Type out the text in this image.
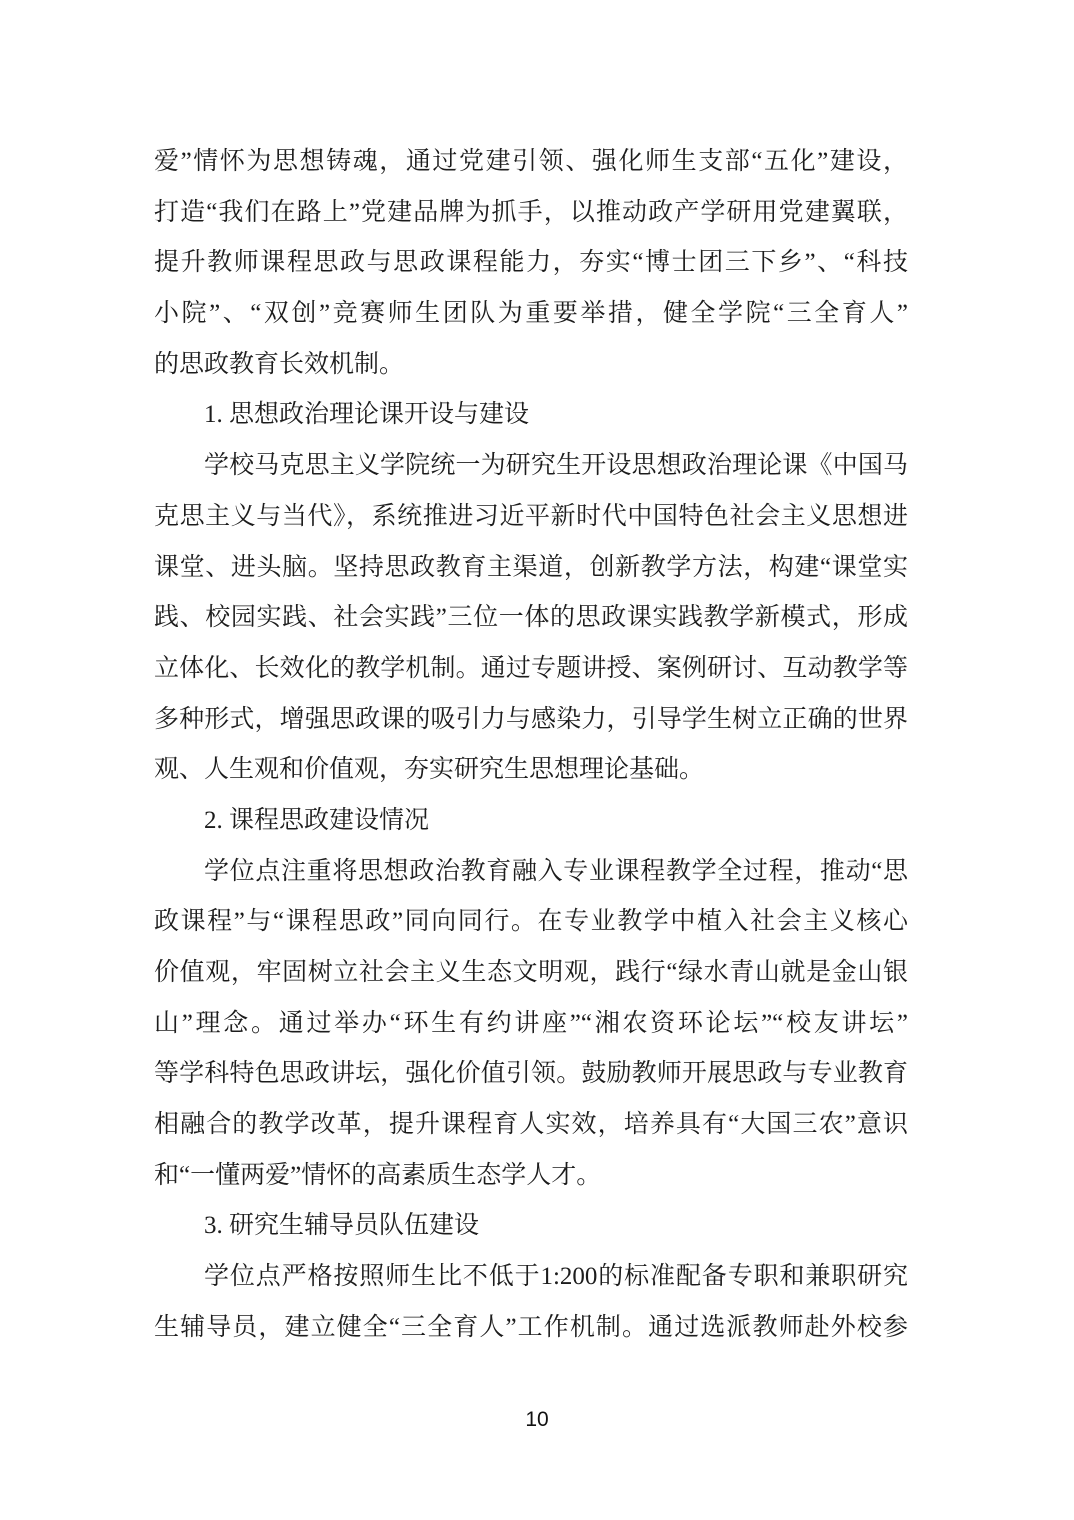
爱”情怀为思想铸魂，通过党建引领、强化师生支部“五化”建设，
打造“我们在路上”党建品牌为抓手，以推动政产学研用党建翼联，
提升教师课程思政与思政课程能力，夯实“博士团三下乡”、“科技
小院”、“双创”竞赛师生团队为重要举措，健全学院“三全育人”
的思政教育长效机制。
1. 思想政治理论课开设与建设
学校马克思主义学院统一为研究生开设思想政治理论课《中国马
克思主义与当代》，系统推进习近平新时代中国特色社会主义思想进
课堂、进头脑。坚持思政教育主渠道，创新教学方法，构建“课堂实
践、校园实践、社会实践”三位一体的思政课实践教学新模式，形成
立体化、长效化的教学机制。通过专题讲授、案例研讨、互动教学等
多种形式，增强思政课的吸引力与感染力，引导学生树立正确的世界
观、人生观和价值观，夯实研究生思想理论基础。
2. 课程思政建设情况
学位点注重将思想政治教育融入专业课程教学全过程，推动“思
政课程”与“课程思政”同向同行。在专业教学中植入社会主义核心
价值观，牢固树立社会主义生态文明观，践行“绿水青山就是金山银
山”理念。通过举办“环生有约讲座”“湘农资环论坛”“校友讲坛”
等学科特色思政讲坛，强化价值引领。鼓励教师开展思政与专业教育
相融合的教学改革，提升课程育人实效，培养具有“大国三农”意识
和“一懂两爱”情怀的高素质生态学人才。
3. 研究生辅导员队伍建设
学位点严格按照师生比不低于1:200的标准配备专职和兼职研究
生辅导员，建立健全“三全育人”工作机制。通过选派教师赴外校参
10
